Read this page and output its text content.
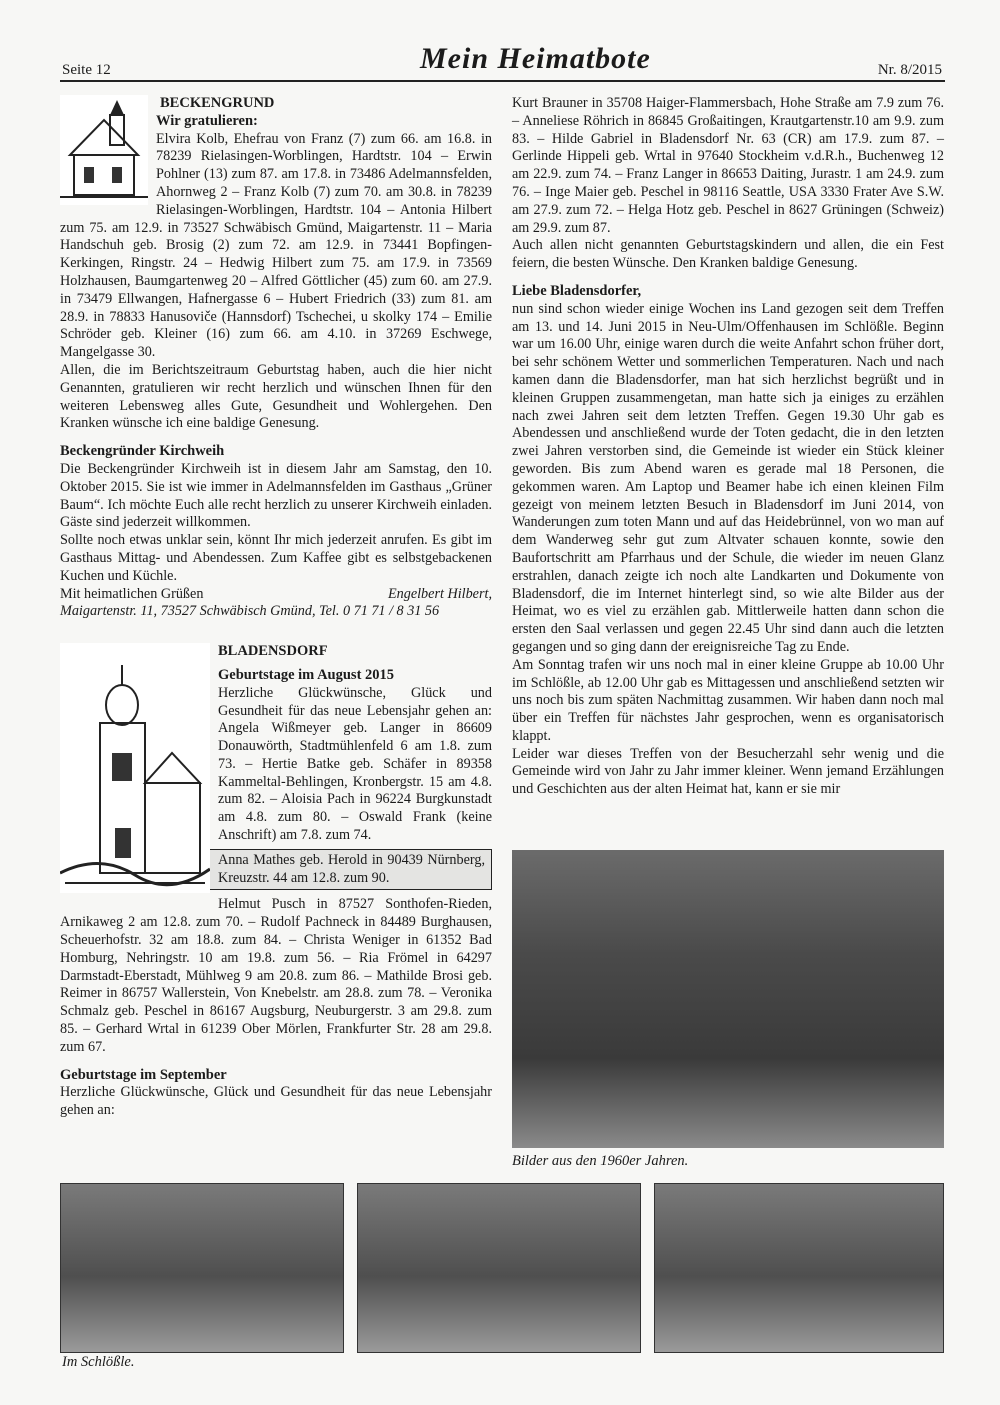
Seite 12	Mein Heimatbote	Nr. 8/2015
BECKENGRUND
Wir gratulieren:

Elvira Kolb, Ehefrau von Franz (7) zum 66. am 16.8. in 78239 Rielasingen-Worblingen, Hardtstr. 104 – Erwin Pohlner (13) zum 87. am 17.8. in 73486 Adelmannsfelden, Ahornweg 2 – Franz Kolb (7) zum 70. am 30.8. in 78239 Rielasingen-Worblingen, Hardtstr. 104 – Antonia Hilbert zum 75. am 12.9. in 73527 Schwäbisch Gmünd, Maigartenstr. 11 – Maria Handschuh geb. Brosig (2) zum 72. am 12.9. in 73441 Bopfingen-Kerkingen, Ringstr. 24 – Hedwig Hilbert zum 75. am 17.9. in 73569 Holzhausen, Baumgartenweg 20 – Alfred Göttlicher (45) zum 60. am 27.9. in 73479 Ellwangen, Hafnergasse 6 – Hubert Friedrich (33) zum 81. am 28.9. in 78833 Hanusoviče (Hannsdorf) Tschechei, u skolky 174 – Emilie Schröder geb. Kleiner (16) zum 66. am 4.10. in 37269 Eschwege, Mangelgasse 30.

Allen, die im Berichtszeitraum Geburtstag haben, auch die hier nicht Genannten, gratulieren wir recht herzlich und wünschen Ihnen für den weiteren Lebensweg alles Gute, Gesundheit und Wohlergehen. Den Kranken wünsche ich eine baldige Genesung.

Beckengründer Kirchweih

Die Beckengründer Kirchweih ist in diesem Jahr am Samstag, den 10. Oktober 2015. Sie ist wie immer in Adelmannsfelden im Gasthaus „Grüner Baum“. Ich möchte Euch alle recht herzlich zu unserer Kirchweih einladen. Gäste sind jederzeit willkommen.

Sollte noch etwas unklar sein, könnt Ihr mich jederzeit anrufen. Es gibt im Gasthaus Mittag- und Abendessen. Zum Kaffee gibt es selbstgebackenen Kuchen und Küchle.

Mit heimatlichen Grüßen	Engelbert Hilbert,

Maigartenstr. 11, 73527 Schwäbisch Gmünd, Tel. 0 71 71 / 8 31 56

BLADENSDORF
Geburtstage im August 2015

Herzliche Glückwünsche, Glück und Gesundheit für das neue Lebensjahr gehen an: Angela Wißmeyer geb. Langer in 86609 Donauwörth, Stadtmühlenfeld 6 am 1.8. zum 73. – Hertie Batke geb. Schäfer in 89358 Kammeltal-Behlingen, Kronbergstr. 15 am 4.8. zum 82. – Aloisia Pach in 96224 Burgkunstadt am 4.8. zum 80. – Oswald Frank (keine Anschrift) am 7.8. zum 74.

Anna Mathes geb. Herold in 90439 Nürnberg, Kreuzstr. 44 am 12.8. zum 90.

Helmut Pusch in 87527 Sonthofen-Rieden, Arnikaweg 2 am 12.8. zum 70. – Rudolf Pachneck in 84489 Burghausen, Scheuerhofstr. 32 am 18.8. zum 84. – Christa Weniger in 61352 Bad Homburg, Nehringstr. 10 am 19.8. zum 56. – Ria Frömel in 64297 Darmstadt-Eberstadt, Mühlweg 9 am 20.8. zum 86. – Mathilde Brosi geb. Reimer in 86757 Wallerstein, Von Knebelstr. am 28.8. zum 78. – Veronika Schmalz geb. Peschel in 86167 Augsburg, Neuburgerstr. 3 am 29.8. zum 85. – Gerhard Wrtal in 61239 Ober Mörlen, Frankfurter Str. 28 am 29.8. zum 67.

Geburtstage im September

Herzliche Glückwünsche, Glück und Gesundheit für das neue Lebensjahr gehen an:

Kurt Brauner in 35708 Haiger-Flammersbach, Hohe Straße am 7.9 zum 76. – Anneliese Röhrich in 86845 Großaitingen, Krautgartenstr.10 am 9.9. zum 83. – Hilde Gabriel in Bladensdorf Nr. 63 (CR) am 17.9. zum 87. – Gerlinde Hippeli geb. Wrtal in 97640 Stockheim v.d.R.h., Buchenweg 12 am 22.9. zum 74. – Franz Langer in 86653 Daiting, Jurastr. 1 am 24.9. zum 76. – Inge Maier geb. Peschel in 98116 Seattle, USA 3330 Frater Ave S.W. am 27.9. zum 72. – Helga Hotz geb. Peschel in 8627 Grüningen (Schweiz) am 29.9. zum 87.

Auch allen nicht genannten Geburtstagskindern und allen, die ein Fest feiern, die besten Wünsche. Den Kranken baldige Genesung.

Liebe Bladensdorfer,

nun sind schon wieder einige Wochen ins Land gezogen seit dem Treffen am 13. und 14. Juni 2015 in Neu-Ulm/Offenhausen im Schlößle. Beginn war um 16.00 Uhr, einige waren durch die weite Anfahrt schon früher dort, bei sehr schönem Wetter und sommerlichen Temperaturen. Nach und nach kamen dann die Bladensdorfer, man hat sich herzlichst begrüßt und in kleinen Gruppen zusammengetan, man hatte sich ja einiges zu erzählen nach zwei Jahren seit dem letzten Treffen. Gegen 19.30 Uhr gab es Abendessen und anschließend wurde der Toten gedacht, die in den letzten zwei Jahren verstorben sind, die Gemeinde ist wieder ein Stück kleiner geworden. Bis zum Abend waren es gerade mal 18 Personen, die gekommen waren. Am Laptop und Beamer habe ich einen kleinen Film gezeigt von meinem letzten Besuch in Bladensdorf im Juni 2014, von Wanderungen zum toten Mann und auf das Heidebrünnel, von wo man auf dem Wanderweg sehr gut zum Altvater schauen konnte, sowie den Baufortschritt am Pfarrhaus und der Schule, die wieder im neuen Glanz erstrahlen, danach zeigte ich noch alte Landkarten und Dokumente von Bladensdorf, die im Internet hinterlegt sind, so wie alte Bilder aus der Heimat, wo es viel zu erzählen gab. Mittlerweile hatten dann schon die ersten den Saal verlassen und gegen 22.45 Uhr sind dann auch die letzten gegangen und so ging dann der ereignisreiche Tag zu Ende.

Am Sonntag trafen wir uns noch mal in einer kleine Gruppe ab 10.00 Uhr im Schlößle, ab 12.00 Uhr gab es Mittagessen und anschließend setzten wir uns noch bis zum späten Nachmittag zusammen. Wir haben dann noch mal über ein Treffen für nächstes Jahr gesprochen, wenn es organisatorisch klappt.

Leider war dieses Treffen von der Besucherzahl sehr wenig und die Gemeinde wird von Jahr zu Jahr immer kleiner. Wenn jemand Erzählungen und Geschichten aus der alten Heimat hat, kann er sie mir

Bilder aus den 1960er Jahren.
Im Schlößle.
